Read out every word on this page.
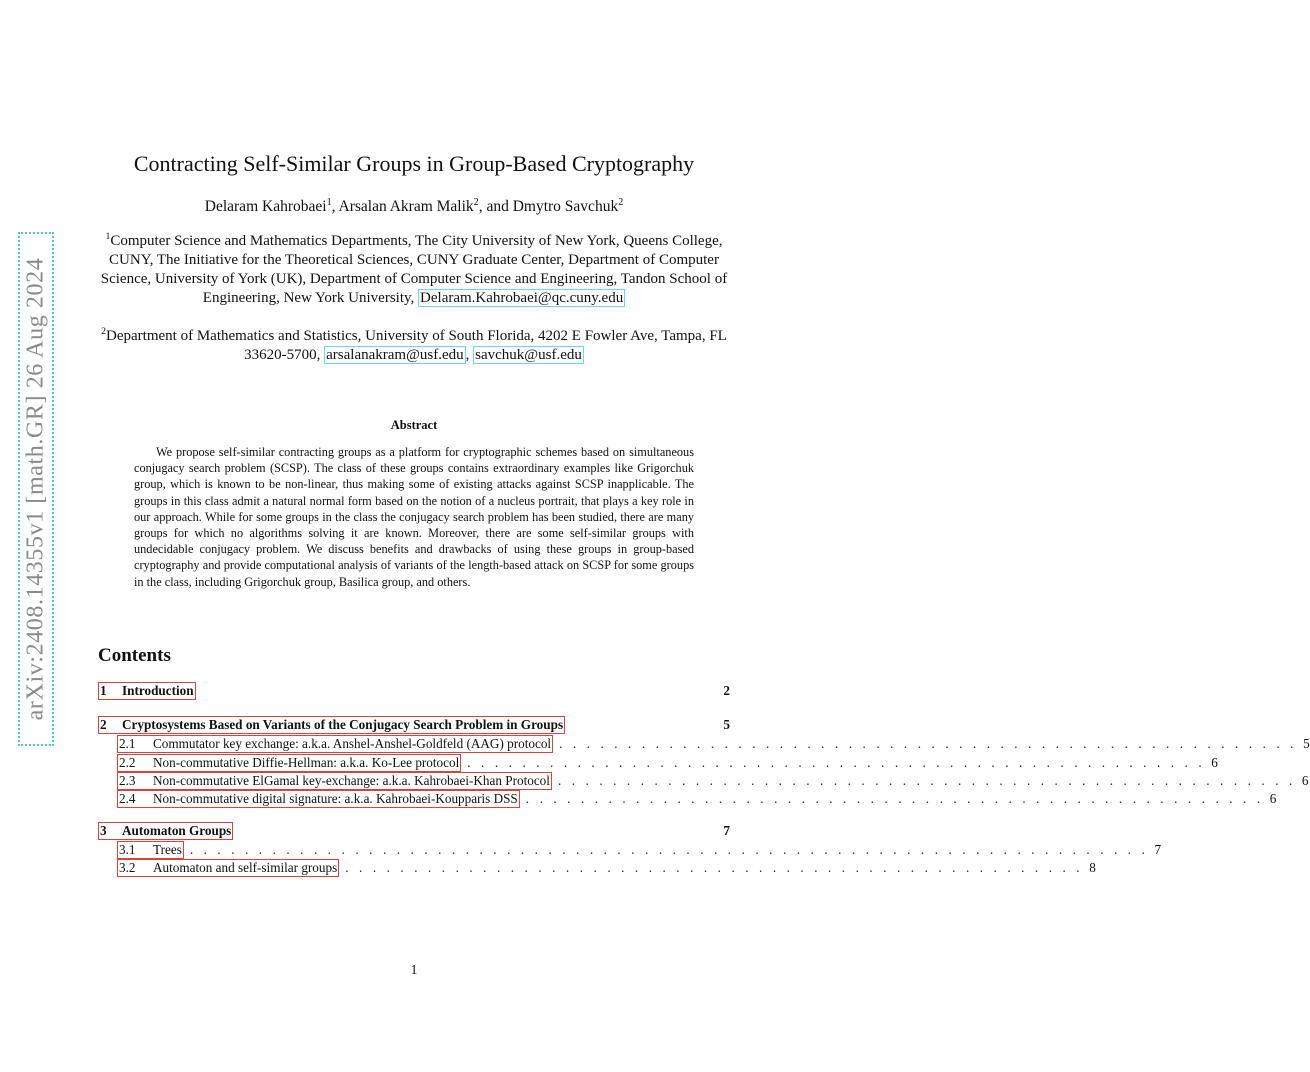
arXiv:2408.14355v1 [math.GR] 26 Aug 2024
Contracting Self-Similar Groups in Group-Based Cryptography
Delaram Kahrobaei$^1$, Arsalan Akram Malik$^2$, and Dmytro Savchuk$^2$
$^1$Computer Science and Mathematics Departments, The City University of New York, Queens College, CUNY, The Initiative for the Theoretical Sciences, CUNY Graduate Center, Department of Computer Science, University of York (UK), Department of Computer Science and Engineering, Tandon School of Engineering, New York University, Delaram.Kahrobaei@qc.cuny.edu
$^2$Department of Mathematics and Statistics, University of South Florida, 4202 E Fowler Ave, Tampa, FL 33620-5700, arsalanakram@usf.edu , savchuk@usf.edu
Abstract

We propose self-similar contracting groups as a platform for cryptographic schemes based on simultaneous conjugacy search problem (SCSP). The class of these groups contains extraordinary examples like Grigorchuk group, which is known to be non-linear, thus making some of existing attacks against SCSP inapplicable. The groups in this class admit a natural normal form based on the notion of a nucleus portrait, that plays a key role in our approach. While for some groups in the class the conjugacy search problem has been studied, there are many groups for which no algorithms solving it are known. Moreover, there are some self-similar groups with undecidable conjugacy problem. We discuss benefits and drawbacks of using these groups in group-based cryptography and provide computational analysis of variants of the length-based attack on SCSP for some groups in the class, including Grigorchuk group, Basilica group, and others.

Contents
1	Introduction	2
2	Cryptosystems Based on Variants of the Conjugacy Search Problem in Groups	5
2.1	Commutator key exchange: a.k.a. Anshel-Anshel-Goldfeld (AAG) protocol . . . . . . . . . . . . . . . . . . . . . . . . . . . . . . . . . . . . . . . . . . . . . . . . . . . . . . 5
2.2	Non-commutative Diffie-Hellman: a.k.a. Ko-Lee protocol . . . . . . . . . . . . . . . . . . . . . . . . . . . . . . . . . . . . . . . . . . . . . . . . . . . . . . 6
2.3	Non-commutative ElGamal key-exchange: a.k.a. Kahrobaei-Khan Protocol . . . . . . . . . . . . . . . . . . . . . . . . . . . . . . . . . . . . . . . . . . . . . . . . . . . . . . 6
2.4	Non-commutative digital signature: a.k.a. Kahrobaei-Koupparis DSS . . . . . . . . . . . . . . . . . . . . . . . . . . . . . . . . . . . . . . . . . . . . . . . . . . . . . . 6
3	Automaton Groups	7
3.1	Trees . . . . . . . . . . . . . . . . . . . . . . . . . . . . . . . . . . . . . . . . . . . . . . . . . . . . . . . . . . . . . . . . . . . . . . 7
3.2	Automaton and self-similar groups . . . . . . . . . . . . . . . . . . . . . . . . . . . . . . . . . . . . . . . . . . . . . . . . . . . . . . 8
1
